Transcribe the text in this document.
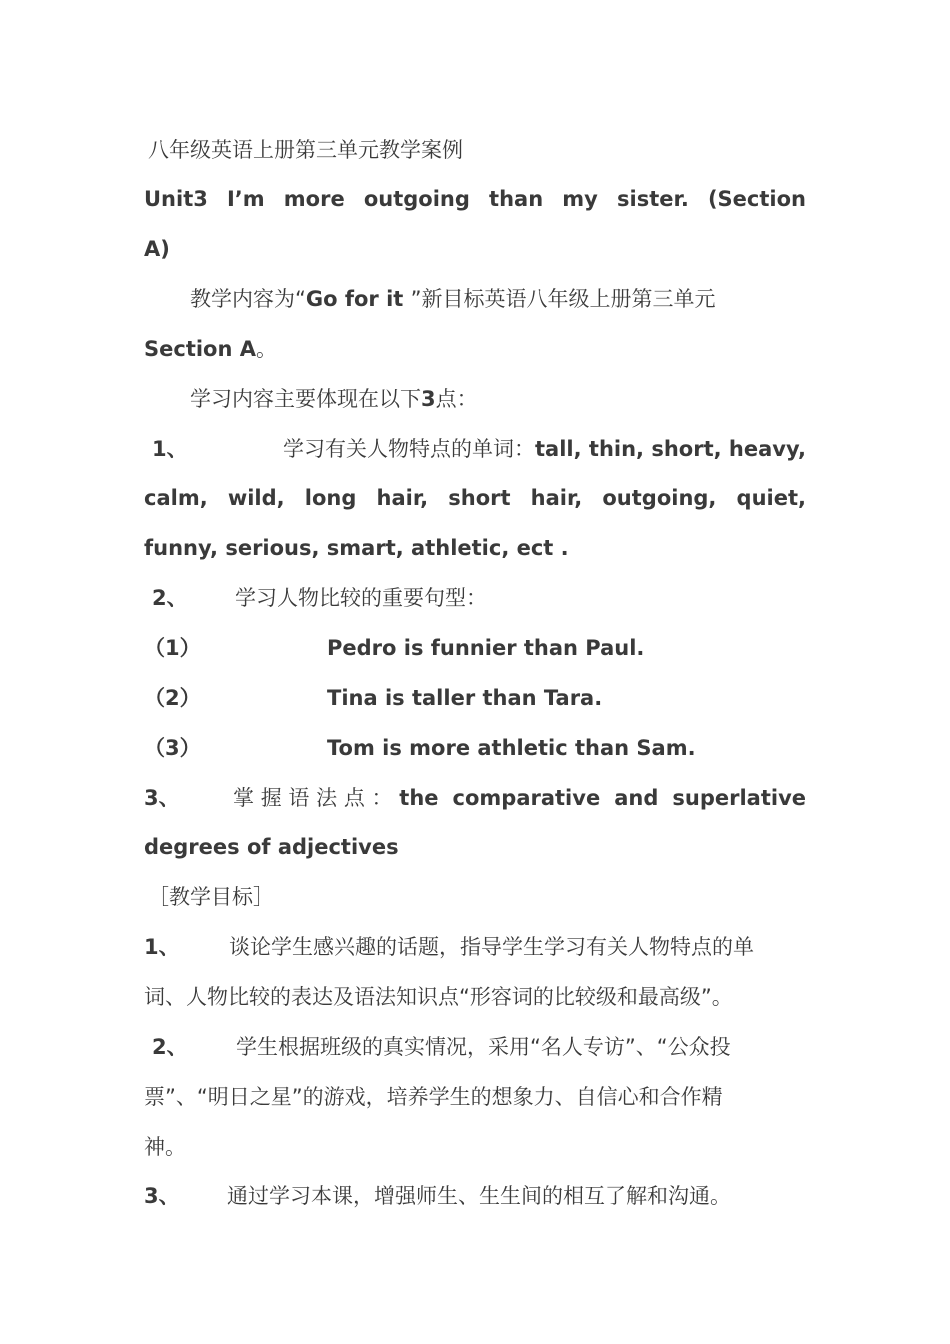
八年级英语上册第三单元教学案例
Unit3 I’m more outgoing than my sister. (Section
A)
教学内容为“Go for it ”新目标英语八年级上册第三单元
Section A。
学习内容主要体现在以下3点：
1、	学习有关人物特点的单词：tall, thin, short, heavy,
calm, wild, long hair, short hair, outgoing, quiet,
funny, serious, smart, athletic, ect .
2、	学习人物比较的重要句型：
（1）	Pedro is funnier than Paul.
（2）	Tina is taller than Tara.
（3）	Tom is more athletic than Sam.
3、	掌握语法点：the comparative and superlative
degrees of adjectives
［教学目标］
1、	谈论学生感兴趣的话题，指导学生学习有关人物特点的单
词、人物比较的表达及语法知识点“形容词的比较级和最高级”。
2、	学生根据班级的真实情况，采用“名人专访”、“公众投
票”、“明日之星”的游戏，培养学生的想象力、自信心和合作精
神。
3、	通过学习本课，增强师生、生生间的相互了解和沟通。
